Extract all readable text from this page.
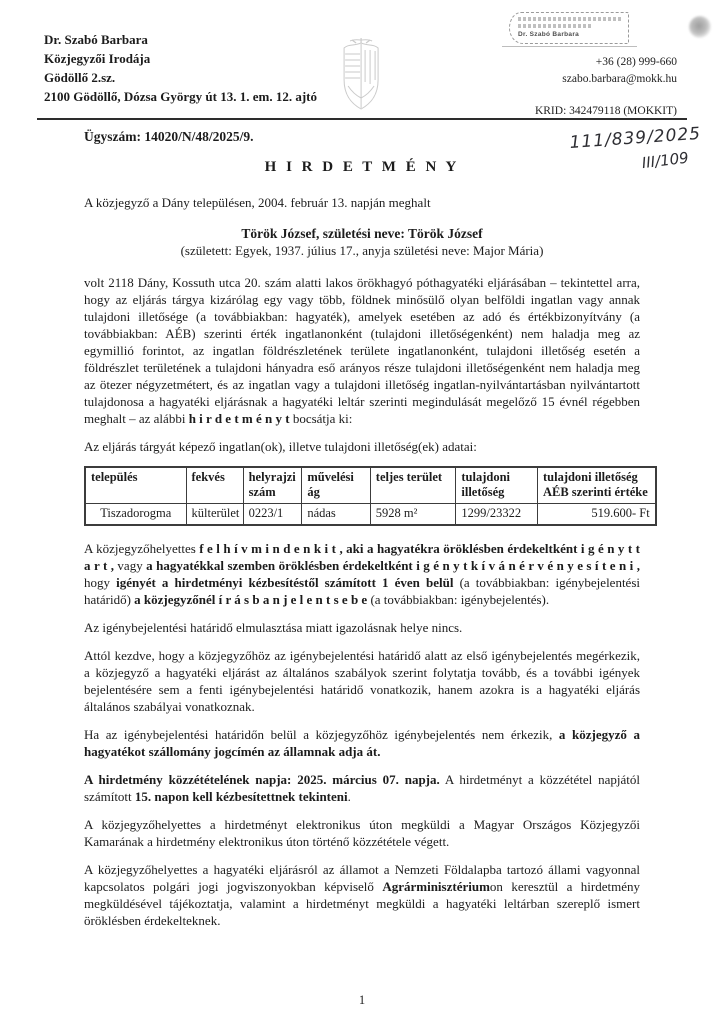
111/839/2025
III/109
Dr. Szabó Barbara
Közjegyzői Irodája
Gödöllő 2.sz.
2100 Gödöllő, Dózsa György út 13. 1. em. 12. ajtó
Dr. Szabó Barbara
+36 (28) 999-660
szabo.barbara@mokk.hu
KRID: 342479118 (MOKKIT)
Ügyszám: 14020/N/48/2025/9.
H I R D E T M É N Y

A közjegyző a Dány településen, 2004. február 13. napján meghalt

Török József, születési neve: Török József
(született: Egyek, 1937. július 17., anyja születési neve: Major Mária)

volt 2118 Dány, Kossuth utca 20. szám alatti lakos örökhagyó póthagyatéki eljárásában – tekintettel arra, hogy az eljárás tárgya kizárólag egy vagy több, földnek minősülő olyan belföldi ingatlan vagy annak tulajdoni illetősége (a továbbiakban: hagyaték), amelyek esetében az adó és értékbizonyítvány (a továbbiakban: AÉB) szerinti érték ingatlanonként (tulajdoni illetőségenként) nem haladja meg az egymillió forintot, az ingatlan földrészletének területe ingatlanonként, tulajdoni illetőség esetén a földrészlet területének a tulajdoni hányadra eső arányos része tulajdoni illetőségenként nem haladja meg az ötezer négyzetmétert, és az ingatlan vagy a tulajdoni illetőség ingatlan-nyilvántartásban nyilvántartott tulajdonosa a hagyatéki eljárásnak a hagyatéki leltár szerinti megindulását megelőző 15 évnél régebben meghalt – az alábbi h i r d e t m é n y t bocsátja ki:

Az eljárás tárgyát képező ingatlan(ok), illetve tulajdoni illetőség(ek) adatai:

település	fekvés	helyrajzi szám	művelési ág	teljes terület	tulajdoni illetőség	tulajdoni illetőség AÉB szerinti értéke
Tiszadorogma	külterület	0223/1	nádas	5928 m²	1299/23322	519.600- Ft

A közjegyzőhelyettes f e l h í v m i n d e n k i t , aki a hagyatékra öröklésben érdekeltként i g é n y t t a r t , vagy a hagyatékkal szemben öröklésben érdekeltként i g é n y t k í v á n é r v é n y e s í t e n i , hogy igényét a hirdetményi kézbesítéstől számított 1 éven belül (a továbbiakban: igénybejelentési határidő) a közjegyzőnél í r á s b a n j e l e n t s e b e (a továbbiakban: igénybejelentés).

Az igénybejelentési határidő elmulasztása miatt igazolásnak helye nincs.

Attól kezdve, hogy a közjegyzőhöz az igénybejelentési határidő alatt az első igénybejelentés megérkezik, a közjegyző a hagyatéki eljárást az általános szabályok szerint folytatja tovább, és a további igények bejelentésére sem a fenti igénybejelentési határidő vonatkozik, hanem azokra is a hagyatéki eljárás általános szabályai vonatkoznak.

Ha az igénybejelentési határidőn belül a közjegyzőhöz igénybejelentés nem érkezik, a közjegyző a hagyatékot szállomány jogcímén az államnak adja át.

A hirdetmény közzétételének napja: 2025. március 07. napja. A hirdetményt a közzététel napjától számított 15. napon kell kézbesítettnek tekinteni.

A közjegyzőhelyettes a hirdetményt elektronikus úton megküldi a Magyar Országos Közjegyzői Kamarának a hirdetmény elektronikus úton történő közzététele végett.

A közjegyzőhelyettes a hagyatéki eljárásról az államot a Nemzeti Földalapba tartozó állami vagyonnal kapcsolatos polgári jogi jogviszonyokban képviselő Agrárminisztériumon keresztül a hirdetmény megküldésével tájékoztatja, valamint a hirdetményt megküldi a hagyatéki leltárban szereplő ismert öröklésben érdekelteknek.

1
